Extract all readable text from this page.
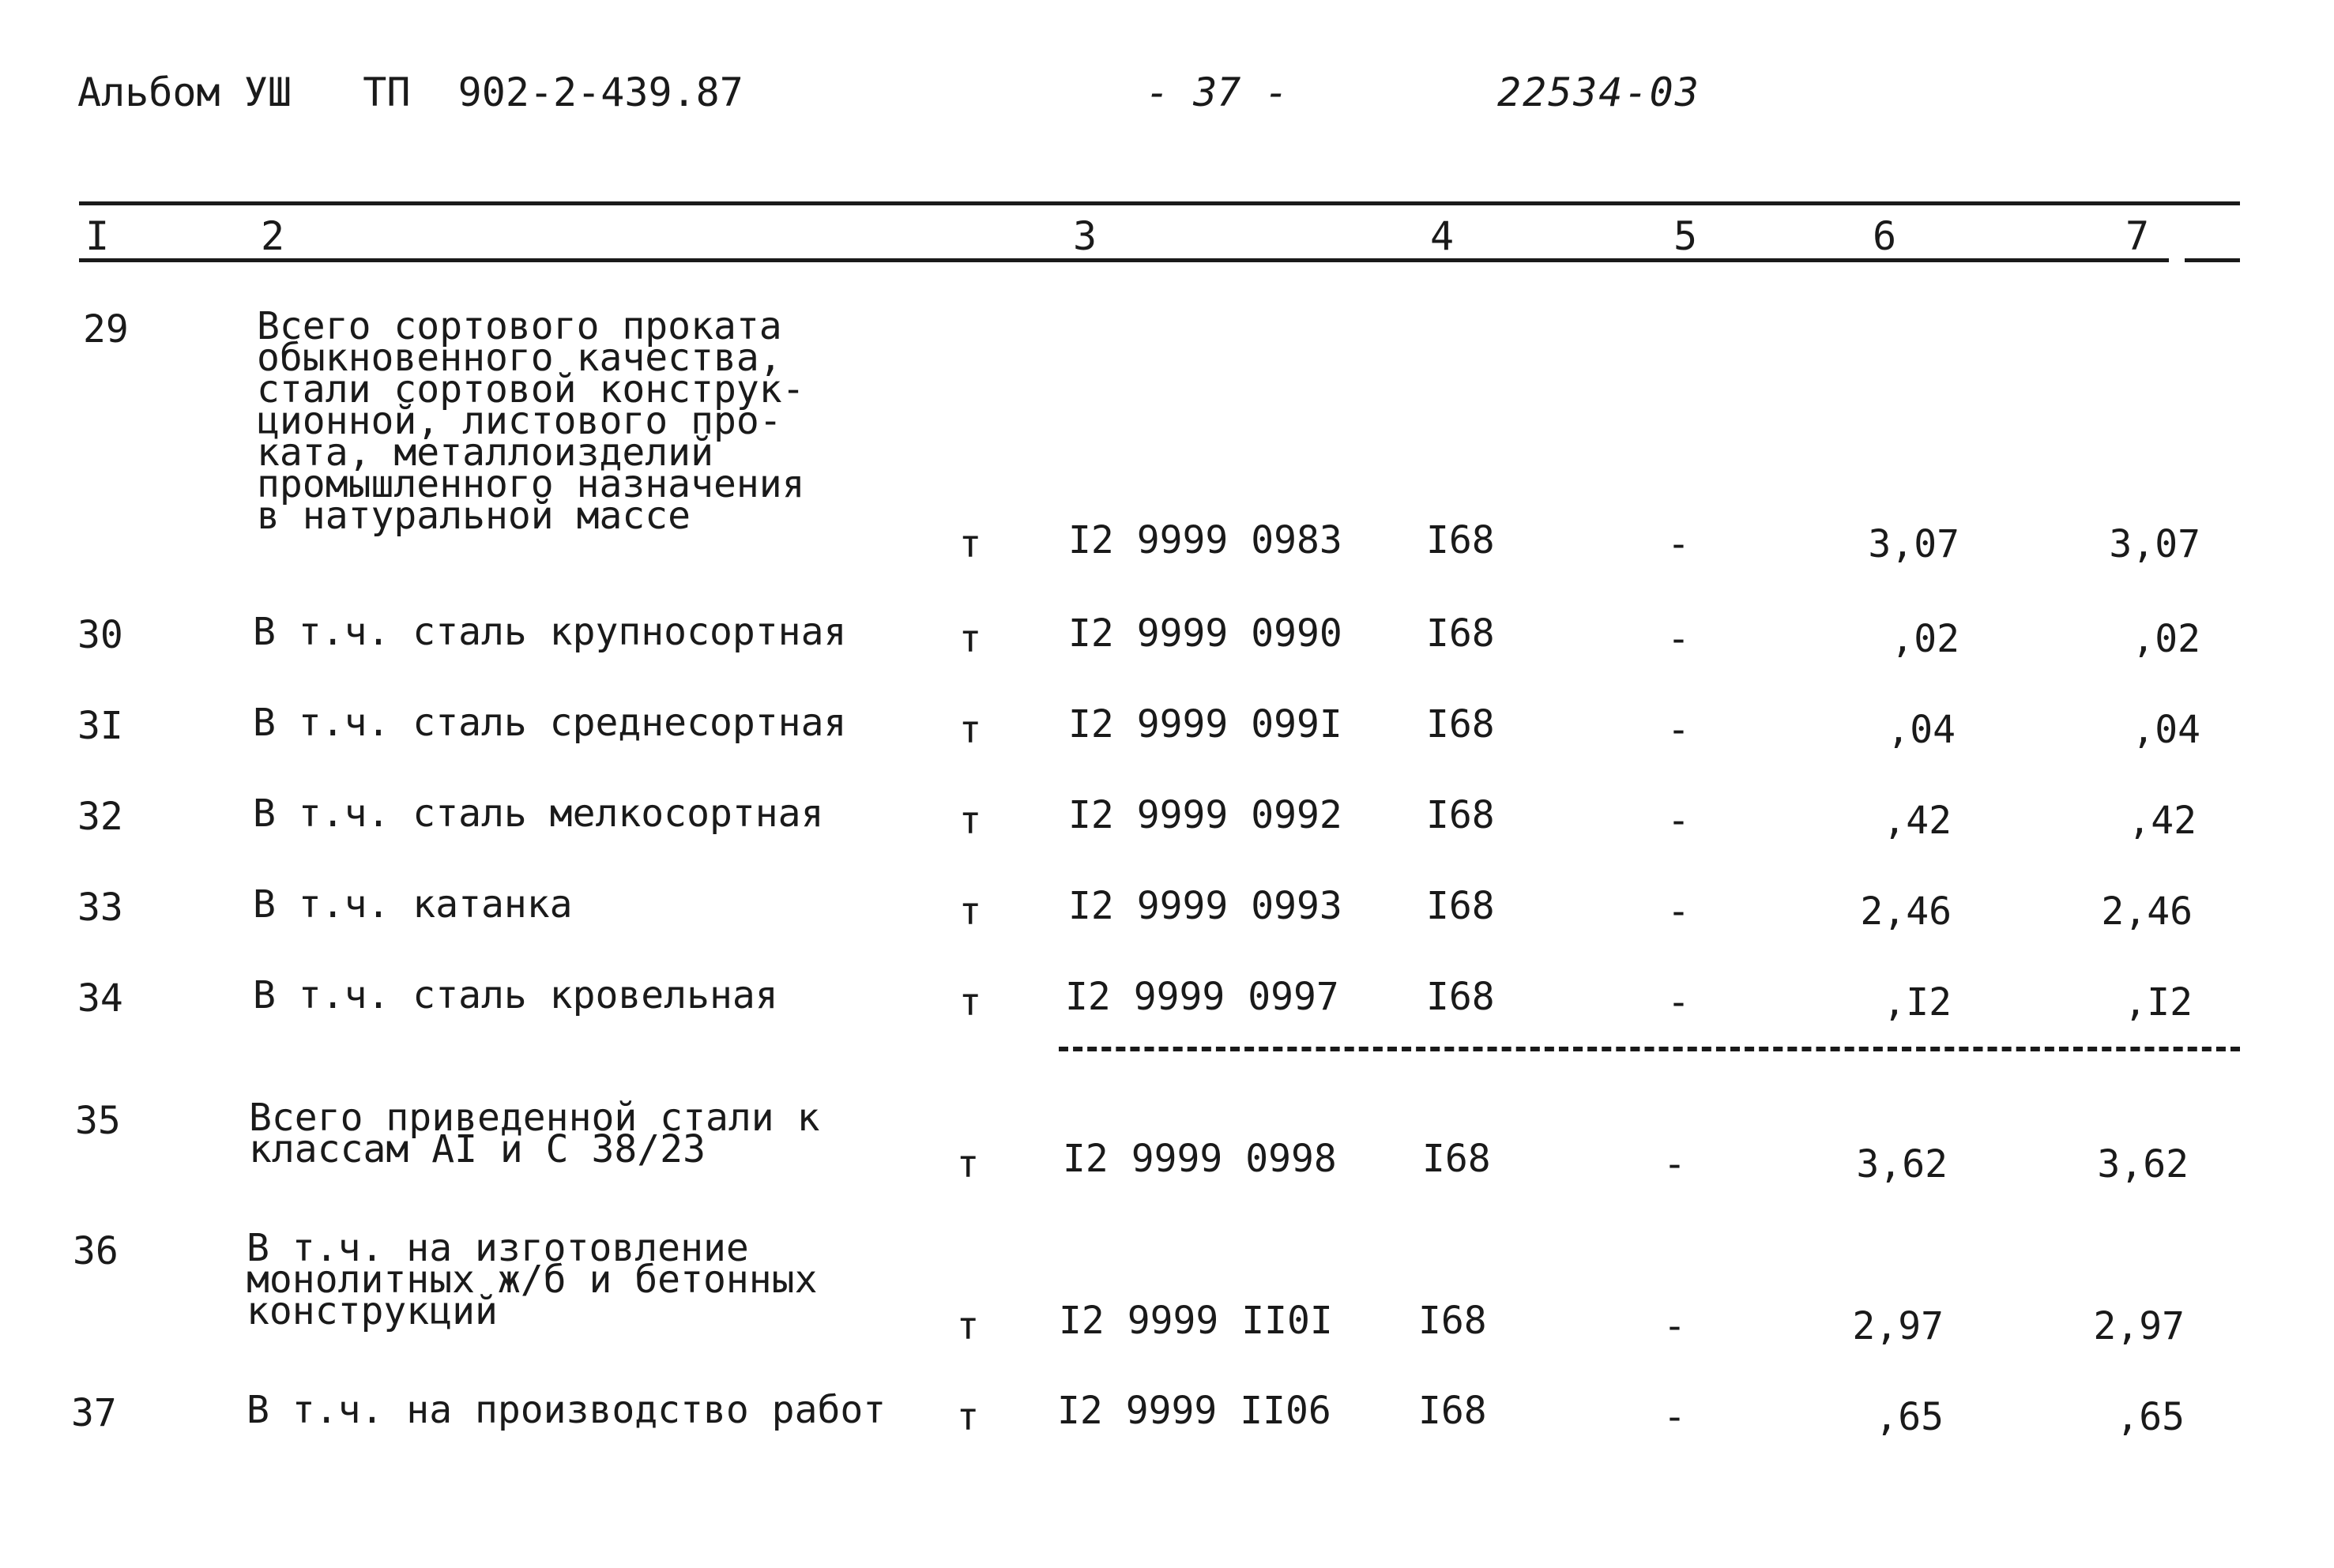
Альбом УШ   ТП  902-2-439.87	- 37 -	22534-03
I	2	3	4	5	6	7
29	Всего сортового проката
обыкновенного качества,
стали сортовой конструк-
ционной, листового про-
ката, металлоизделий
промышленного назначения
в натуральной массе
т I2 9999 0983 I68	-	3,07	3,07
30	В т.ч. сталь крупносортная	т I2 9999 0990 I68	-	,02	,02
3I	В т.ч. сталь среднесортная	т I2 9999 099I I68	-	,04	,04
32	В т.ч. сталь мелкосортная	т I2 9999 0992 I68	-	,42	,42
33	В т.ч. катанка	т I2 9999 0993 I68	-	2,46	2,46
34	В т.ч. сталь кровельная	т I2 9999 0997 I68	-	,I2	,I2
35	Всего приведенной стали к
классам АI и С 38/23	т I2 9999 0998 I68	-	3,62	3,62
36	В т.ч. на изготовление
монолитных ж/б и бетонных
конструкций	т I2 9999 II0I I68	-	2,97	2,97
37	В т.ч. на производство работ т I2 9999 II06 I68	-	,65	,65
